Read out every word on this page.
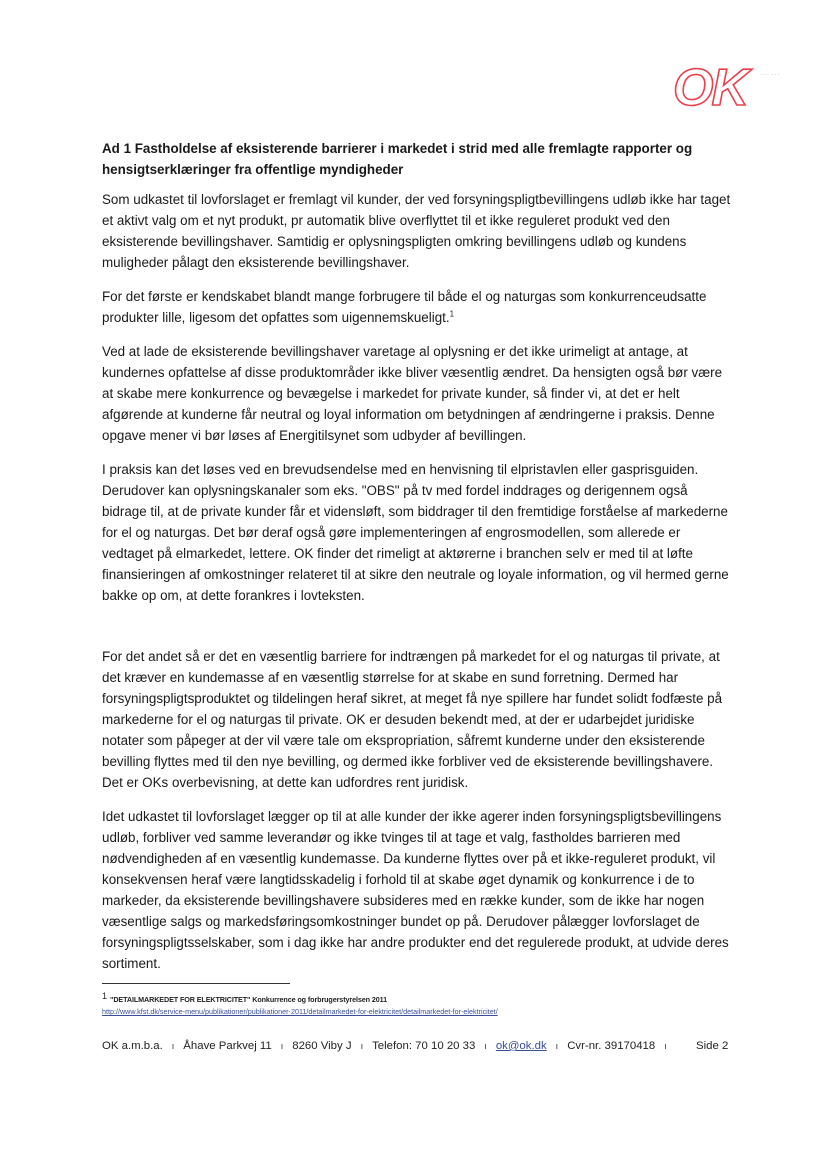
OK ... ...
Ad 1 Fastholdelse af eksisterende barrierer i markedet i strid med alle fremlagte rapporter og hensigtserklæringer fra offentlige myndigheder

Som udkastet til lovforslaget er fremlagt vil kunder, der ved forsyningspligtbevillingens udløb ikke har taget et aktivt valg om et nyt produkt, pr automatik blive overflyttet til et ikke reguleret produkt ved den eksisterende bevillingshaver. Samtidig er oplysningspligten omkring bevillingens udløb og kundens muligheder pålagt den eksisterende bevillingshaver.

For det første er kendskabet blandt mange forbrugere til både el og naturgas som konkurrenceudsatte produkter lille, ligesom det opfattes som uigennemskueligt.$^1$

Ved at lade de eksisterende bevillingshaver varetage al oplysning er det ikke urimeligt at antage, at kundernes opfattelse af disse produktområder ikke bliver væsentlig ændret. Da hensigten også bør være at skabe mere konkurrence og bevægelse i markedet for private kunder, så finder vi, at det er helt afgørende at kunderne får neutral og loyal information om betydningen af ændringerne i praksis. Denne opgave mener vi bør løses af Energitilsynet som udbyder af bevillingen.

I praksis kan det løses ved en brevudsendelse med en henvisning til elpristavlen eller gasprisguiden. Derudover kan oplysningskanaler som eks. "OBS" på tv med fordel inddrages og derigennem også bidrage til, at de private kunder får et vidensløft, som biddrager til den fremtidige forståelse af markederne for el og naturgas. Det bør deraf også gøre implementeringen af engrosmodellen, som allerede er vedtaget på elmarkedet, lettere. OK finder det rimeligt at aktørerne i branchen selv er med til at løfte finansieringen af omkostninger relateret til at sikre den neutrale og loyale information, og vil hermed gerne bakke op om, at dette forankres i lovteksten.

For det andet så er det en væsentlig barriere for indtrængen på markedet for el og naturgas til private, at det kræver en kundemasse af en væsentlig størrelse for at skabe en sund forretning. Dermed har forsyningspligtsproduktet og tildelingen heraf sikret, at meget få nye spillere har fundet solidt fodfæste på markederne for el og naturgas til private. OK er desuden bekendt med, at der er udarbejdet juridiske notater som påpeger at der vil være tale om ekspropriation, såfremt kunderne under den eksisterende bevilling flyttes med til den nye bevilling, og dermed ikke forbliver ved de eksisterende bevillingshavere. Det er OKs overbevisning, at dette kan udfordres rent juridisk.

Idet udkastet til lovforslaget lægger op til at alle kunder der ikke agerer inden forsyningspligtsbevillingens udløb, forbliver ved samme leverandør og ikke tvinges til at tage et valg, fastholdes barrieren med nødvendigheden af en væsentlig kundemasse. Da kunderne flyttes over på et ikke-reguleret produkt, vil konsekvensen heraf være langtidsskadelig i forhold til at skabe øget dynamik og konkurrence i de to markeder, da eksisterende bevillingshavere subsideres med en række kunder, som de ikke har nogen væsentlige salgs og markedsføringsomkostninger bundet op på. Derudover pålægger lovforslaget de forsyningspligtsselskaber, som i dag ikke har andre produkter end det regulerede produkt, at udvide deres sortiment.

1 "DETAILMARKEDET FOR ELEKTRICITET" Konkurrence og forbrugerstyrelsen 2011
http://www.kfst.dk/service-menu/publikationer/publikationer-2011/detailmarkedet-for-elektricitet/detailmarkedet-for-elektricitet/
OK a.m.b.a. ı Åhave Parkvej 11 ı 8260 Viby J ı Telefon: 70 10 20 33 ı ok@ok.dk ı Cvr-nr. 39170418 ı	Side 2
